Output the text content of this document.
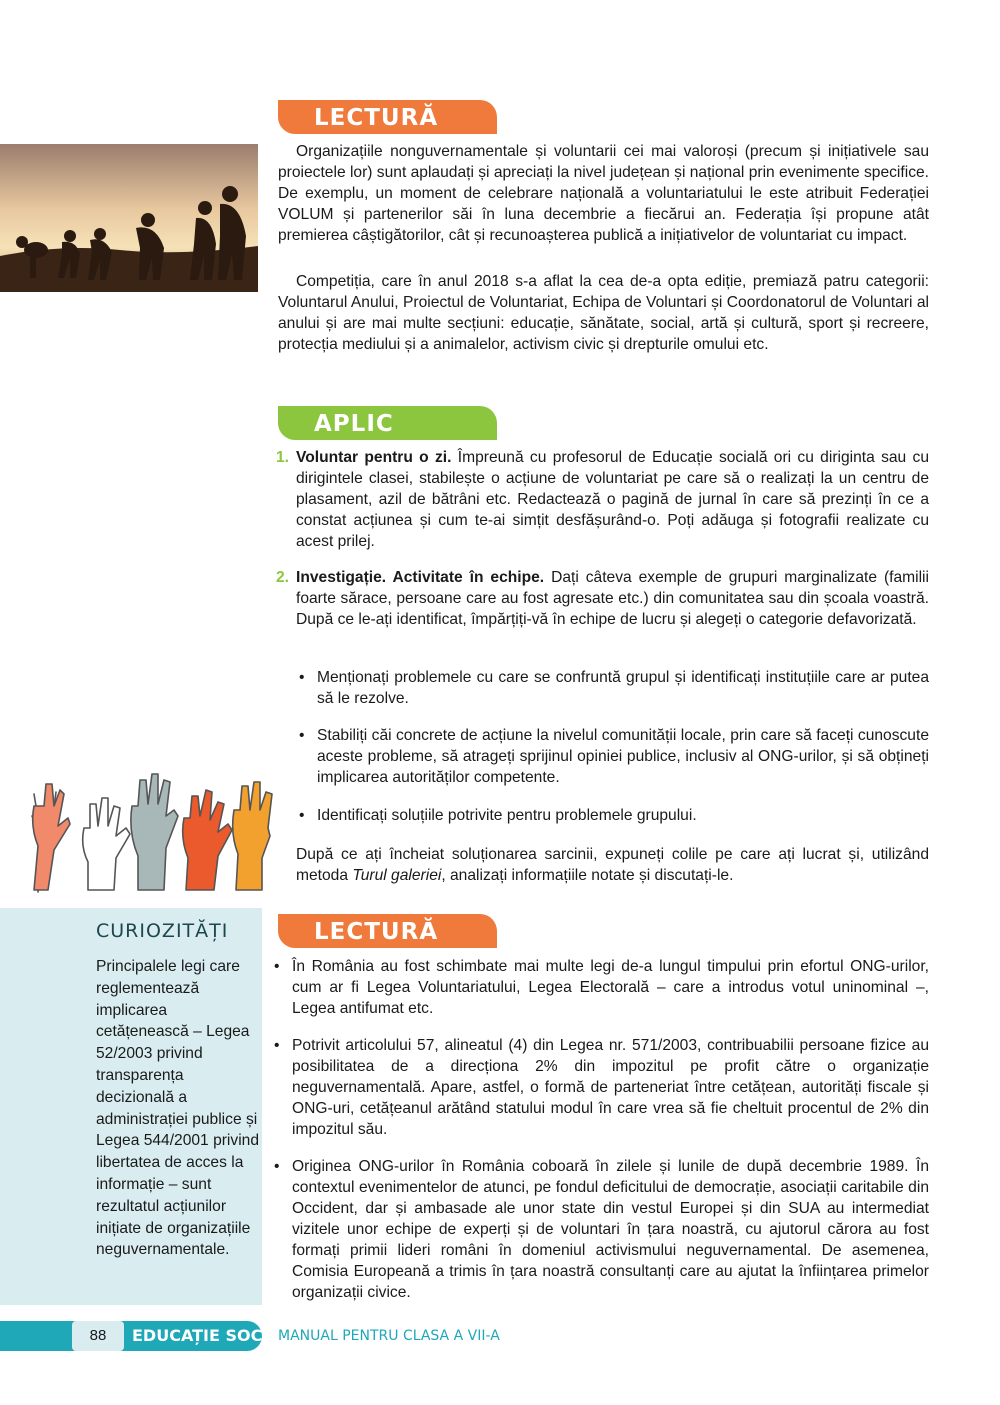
LECTURĂ

Organizațiile nonguvernamentale și voluntarii cei mai valoroși (precum și inițiativele sau proiectele lor) sunt aplaudați și apreciați la nivel județean și național prin evenimente specifice. De exemplu, un moment de celebrare națională a voluntariatului le este atribuit Federației VOLUM și partenerilor săi în luna decembrie a fiecărui an. Federația își propune atât premierea câștigătorilor, cât și recunoașterea publică a inițiativelor de voluntariat cu impact.

Competiția, care în anul 2018 s-a aflat la cea de-a opta ediție, premiază patru categorii: Voluntarul Anului, Proiectul de Voluntariat, Echipa de Voluntari și Coordonatorul de Voluntari al anului și are mai multe secțiuni: educație, sănătate, social, artă și cultură, sport și recreere, protecția mediului și a animalelor, activism civic și drepturile omului etc.

APLIC
1. Voluntar pentru o zi. Împreună cu profesorul de Educație socială ori cu diriginta sau cu dirigintele clasei, stabilește o acțiune de voluntariat pe care să o realizați la un centru de plasament, azil de bătrâni etc. Redactează o pagină de jurnal în care să prezinți în ce a constat acțiunea și cum te-ai simțit desfășurând-o. Poți adăuga și fotografii realizate cu acest prilej.
2. Investigație. Activitate în echipe. Dați câteva exemple de grupuri marginalizate (familii foarte sărace, persoane care au fost agresate etc.) din comunitatea sau din școala voastră. După ce le-ați identificat, împărțiți-vă în echipe de lucru și alegeți o categorie defavorizată.
• Menționați problemele cu care se confruntă grupul și identificați instituțiile care ar putea să le rezolve.
• Stabiliți căi concrete de acțiune la nivelul comunității locale, prin care să faceți cunoscute aceste probleme, să atrageți sprijinul opiniei publice, inclusiv al ONG-urilor, și să obțineți implicarea autorităților competente.
• Identificați soluțiile potrivite pentru problemele grupului.

După ce ați încheiat soluționarea sarcinii, expuneți colile pe care ați lucrat și, utilizând metoda Turul galeriei, analizați informațiile notate și discutați-le.

CURIOZITĂȚI
Principalele legi care reglementează implicarea cetățenească – Legea 52/2003 privind transparența decizională a administrației publice și Legea 544/2001 privind libertatea de acces la informație – sunt rezultatul acțiunilor inițiate de organizațiile neguvernamentale.
LECTURĂ
• În România au fost schimbate mai multe legi de-a lungul timpului prin efortul ONG-urilor, cum ar fi Legea Voluntariatului, Legea Electorală – care a introdus votul uninominal –, Legea antifumat etc.
• Potrivit articolului 57, alineatul (4) din Legea nr. 571/2003, contribuabilii persoane fizice au posibilitatea de a direcționa 2% din impozitul pe profit către o organizație neguvernamentală. Apare, astfel, o formă de parteneriat între cetățean, autorități fiscale și ONG-uri, cetățeanul arătând statului modul în care vrea să fie cheltuit procentul de 2% din impozitul său.
• Originea ONG-urilor în România coboară în zilele și lunile de după decembrie 1989. În contextul evenimentelor de atunci, pe fondul deficitului de democrație, asociații caritabile din Occident, dar și ambasade ale unor state din vestul Europei și din SUA au intermediat vizitele unor echipe de experți și de voluntari în țara noastră, cu ajutorul cărora au fost formați primii lideri români în domeniul activismului neguvernamental. De asemenea, Comisia Europeană a trimis în țara noastră consultanți care au ajutat la înființarea primelor organizații civice.
88	EDUCAȚIE SOCIALĂ
MANUAL PENTRU CLASA A VII-A
